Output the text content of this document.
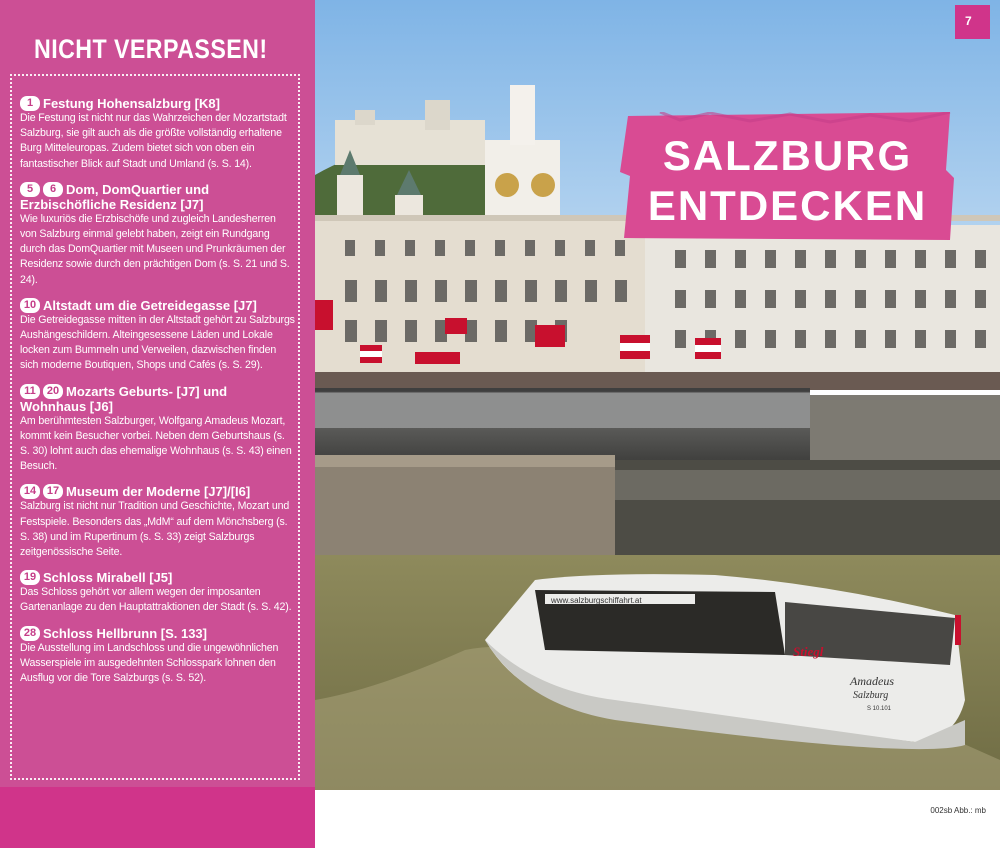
NICHT VERPASSEN!
1 Festung Hohensalzburg [K8]
Die Festung ist nicht nur das Wahrzeichen der Mozartstadt Salzburg, sie gilt auch als die größte vollständig erhaltene Burg Mitteleuropas. Zudem bietet sich von oben ein fantastischer Blick auf Stadt und Umland (s. S. 14).
5 6 Dom, DomQuartier und Erzbischöfliche Residenz [J7]
Wie luxuriös die Erzbischöfe und zugleich Landesherren von Salzburg einmal gelebt haben, zeigt ein Rundgang durch das DomQuartier mit Museen und Prunkräumen der Residenz sowie durch den prächtigen Dom (s. S. 21 und S. 24).
10 Altstadt um die Getreidegasse [J7]
Die Getreidegasse mitten in der Altstadt gehört zu Salzburgs Aushängeschildern. Alteingesessene Läden und Lokale locken zum Bummeln und Verweilen, dazwischen finden sich moderne Boutiquen, Shops und Cafés (s. S. 29).
11 20 Mozarts Geburts- [J7] und Wohnhaus [J6]
Am berühmtesten Salzburger, Wolfgang Amadeus Mozart, kommt kein Besucher vorbei. Neben dem Geburtshaus (s. S. 30) lohnt auch das ehemalige Wohnhaus (s. S. 43) einen Besuch.
14 17 Museum der Moderne [J7]/[I6]
Salzburg ist nicht nur Tradition und Geschichte, Mozart und Festspiele. Besonders das „MdM“ auf dem Mönchsberg (s. S. 38) und im Rupertinum (s. S. 33) zeigt Salzburgs zeitgenössische Seite.
19 Schloss Mirabell [J5]
Das Schloss gehört vor allem wegen der imposanten Gartenanlage zu den Hauptattraktionen der Stadt (s. S. 42).
28 Schloss Hellbrunn [S. 133]
Die Ausstellung im Landschloss und die ungewöhnlichen Wasserspiele im ausgedehnten Schlosspark lohnen den Ausflug vor die Tore Salzburgs (s. S. 52).
www.salzburgschiffahrt.at
Stiegl
Amadeus
Salzburg
S 10.101
SALZBURG
ENTDECKEN
7
002sb Abb.: mb
